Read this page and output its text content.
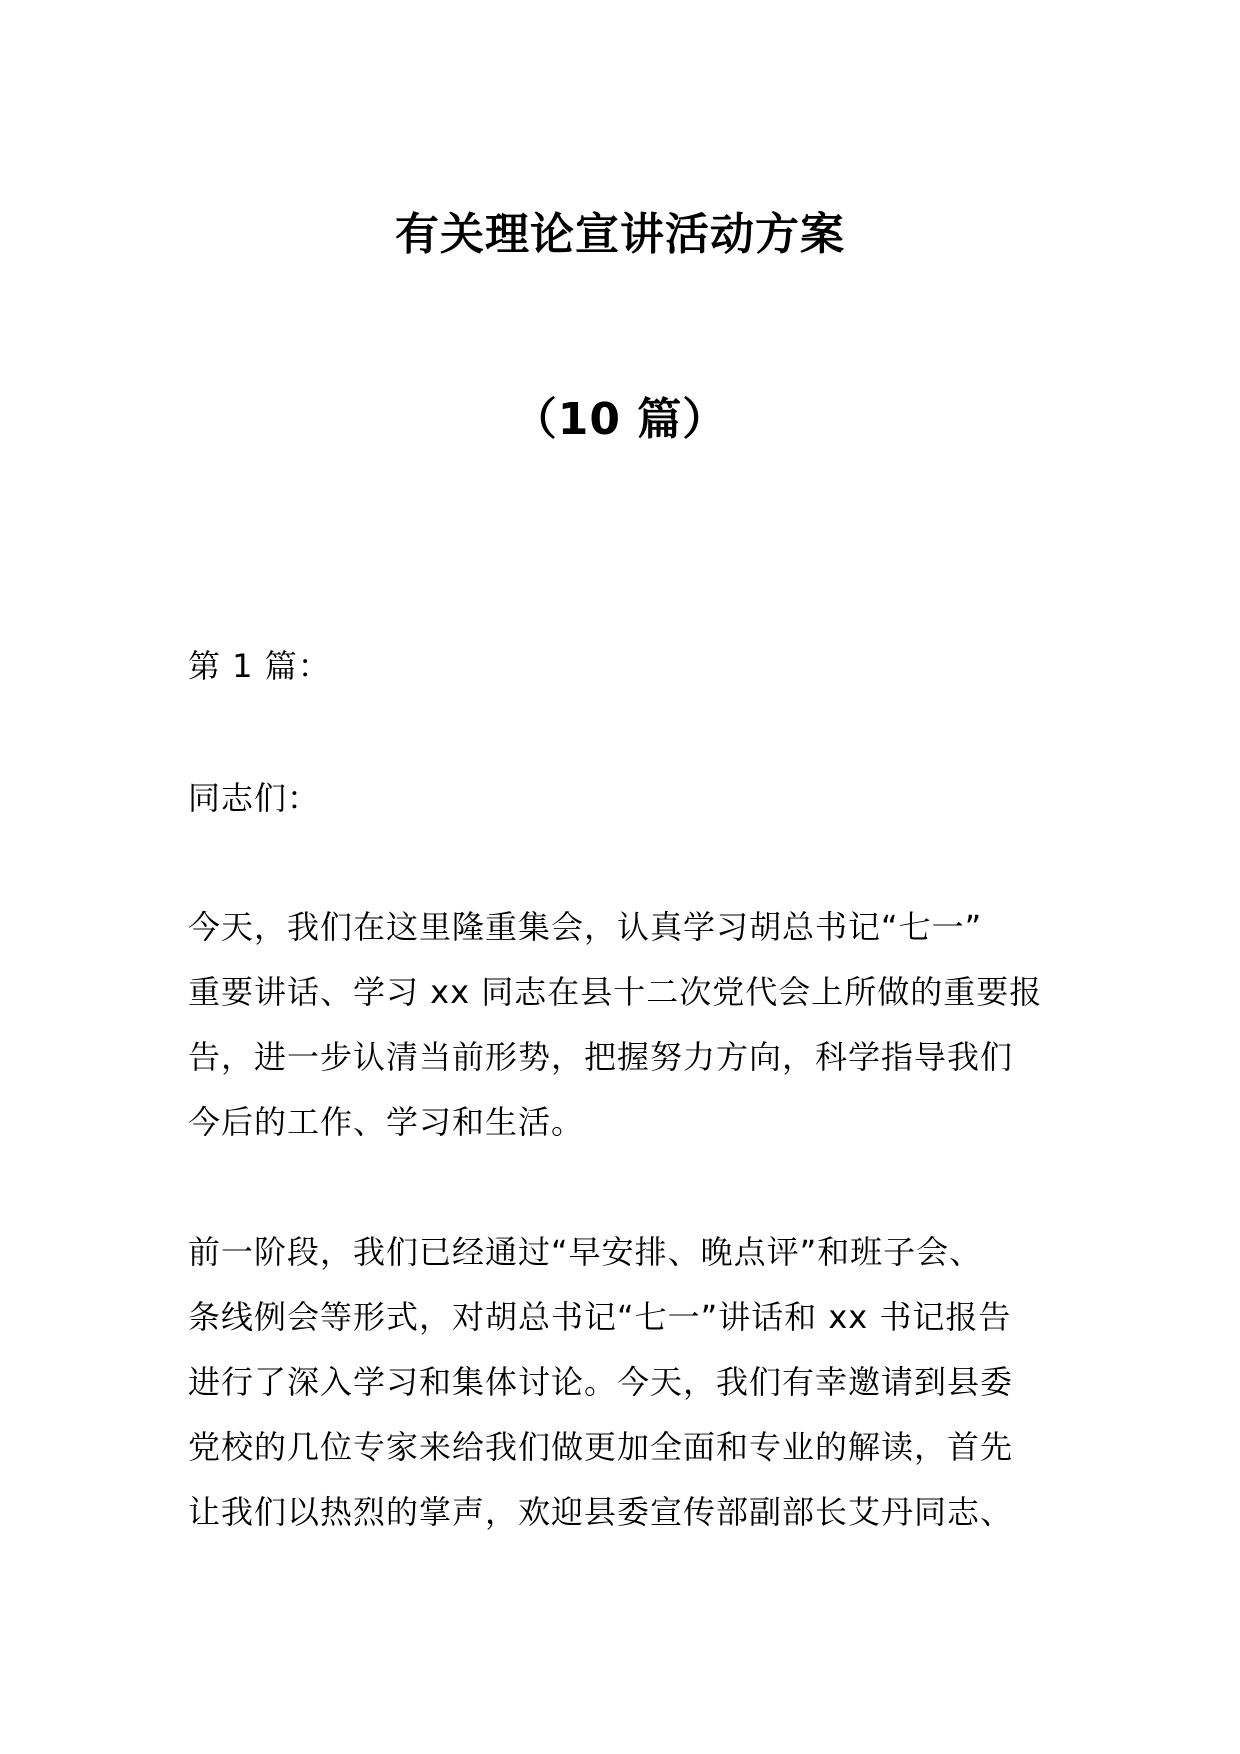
有关理论宣讲活动方案
（10 篇）

第 1 篇：

同志们：

今天，我们在这里隆重集会，认真学习胡总书记“七一”
重要讲话、学习 xx 同志在县十二次党代会上所做的重要报
告，进一步认清当前形势，把握努力方向，科学指导我们
今后的工作、学习和生活。

前一阶段，我们已经通过“早安排、晚点评”和班子会、
条线例会等形式，对胡总书记“七一”讲话和 xx 书记报告
进行了深入学习和集体讨论。今天，我们有幸邀请到县委
党校的几位专家来给我们做更加全面和专业的解读，首先
让我们以热烈的掌声，欢迎县委宣传部副部长艾丹同志、
